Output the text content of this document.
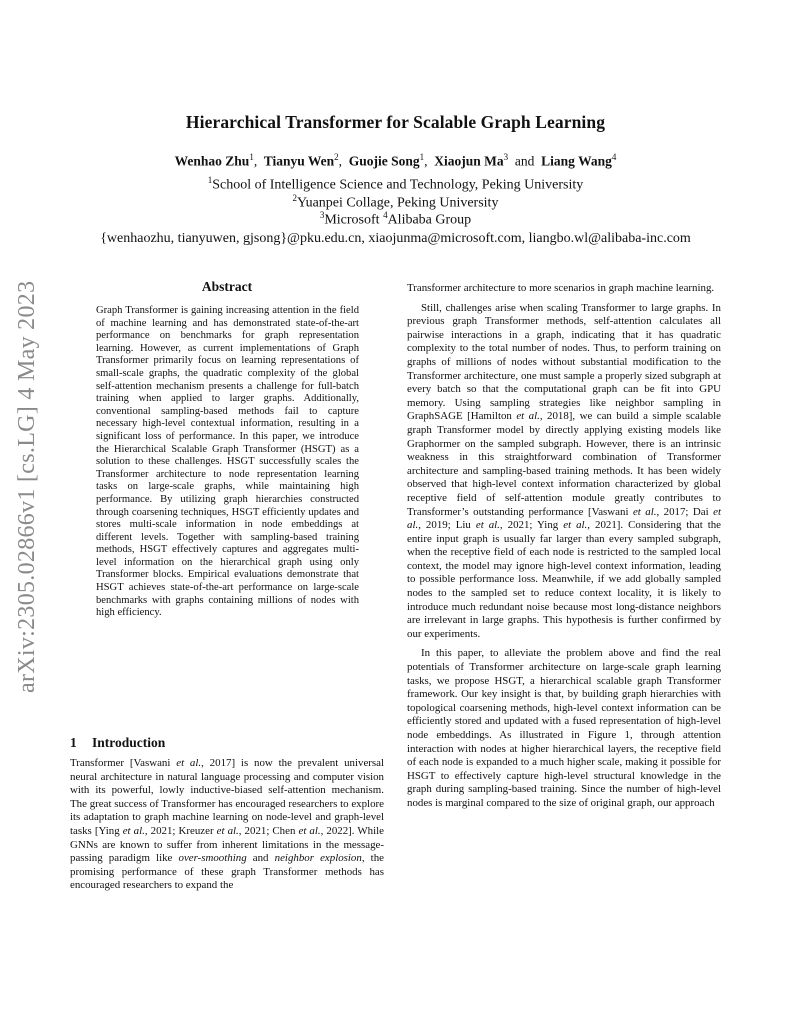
Hierarchical Transformer for Scalable Graph Learning
Wenhao Zhu$^1$, Tianyu Wen$^2$, Guojie Song$^1$, Xiaojun Ma$^3$ and Liang Wang$^4$
$^1$School of Intelligence Science and Technology, Peking University
$^2$Yuanpei Collage, Peking University
$^3$Microsoft $^4$Alibaba Group
{wenhaozhu, tianyuwen, gjsong}@pku.edu.cn, xiaojunma@microsoft.com, liangbo.wl@alibaba-inc.com
arXiv:2305.02866v1 [cs.LG] 4 May 2023	Abstract

Graph Transformer is gaining increasing attention in the field of machine learning and has demonstrated state-of-the-art performance on benchmarks for graph representation learning. However, as current implementations of Graph Transformer primarily focus on learning representations of small-scale graphs, the quadratic complexity of the global self-attention mechanism presents a challenge for full-batch training when applied to larger graphs. Additionally, conventional sampling-based methods fail to capture necessary high-level contextual information, resulting in a significant loss of performance. In this paper, we introduce the Hierarchical Scalable Graph Transformer (HSGT) as a solution to these challenges. HSGT successfully scales the Transformer architecture to node representation learning tasks on large-scale graphs, while maintaining high performance. By utilizing graph hierarchies constructed through coarsening techniques, HSGT efficiently updates and stores multi-scale information in node embeddings at different levels. Together with sampling-based training methods, HSGT effectively captures and aggregates multi-level information on the hierarchical graph using only Transformer blocks. Empirical evaluations demonstrate that HSGT achieves state-of-the-art performance on large-scale benchmarks with graphs containing millions of nodes with high efficiency.

1 Introduction

Transformer [Vaswani et al., 2017] is now the prevalent universal neural architecture in natural language processing and computer vision with its powerful, lowly inductive-biased self-attention mechanism. The great success of Transformer has encouraged researchers to explore its adaptation to graph machine learning on node-level and graph-level tasks [Ying et al., 2021; Kreuzer et al., 2021; Chen et al., 2022]. While GNNs are known to suffer from inherent limitations in the message-passing paradigm like over-smoothing and neighbor explosion, the promising performance of these graph Transformer methods has encouraged researchers to expand the

Transformer architecture to more scenarios in graph machine learning.

Still, challenges arise when scaling Transformer to large graphs. In previous graph Transformer methods, self-attention calculates all pairwise interactions in a graph, indicating that it has quadratic complexity to the total number of nodes. Thus, to perform training on graphs of millions of nodes without substantial modification to the Transformer architecture, one must sample a properly sized subgraph at every batch so that the computational graph can be fit into GPU memory. Using sampling strategies like neighbor sampling in GraphSAGE [Hamilton et al., 2018], we can build a simple scalable graph Transformer model by directly applying existing models like Graphormer on the sampled subgraph. However, there is an intrinsic weakness in this straightforward combination of Transformer architecture and sampling-based training methods. It has been widely observed that high-level context information characterized by global receptive field of self-attention module greatly contributes to Transformer’s outstanding performance [Vaswani et al., 2017; Dai et al., 2019; Liu et al., 2021; Ying et al., 2021]. Considering that the entire input graph is usually far larger than every sampled subgraph, when the receptive field of each node is restricted to the sampled local context, the model may ignore high-level context information, leading to possible performance loss. Meanwhile, if we add globally sampled nodes to the sampled set to reduce context locality, it is likely to introduce much redundant noise because most long-distance neighbors are irrelevant in large graphs. This hypothesis is further confirmed by our experiments.

In this paper, to alleviate the problem above and find the real potentials of Transformer architecture on large-scale graph learning tasks, we propose HSGT, a hierarchical scalable graph Transformer framework. Our key insight is that, by building graph hierarchies with topological coarsening methods, high-level context information can be efficiently stored and updated with a fused representation of high-level node embeddings. As illustrated in Figure 1, through attention interaction with nodes at higher hierarchical layers, the receptive field of each node is expanded to a much higher scale, making it possible for HSGT to effectively capture high-level structural knowledge in the graph during sampling-based training. Since the number of high-level nodes is marginal compared to the size of original graph, our approach
